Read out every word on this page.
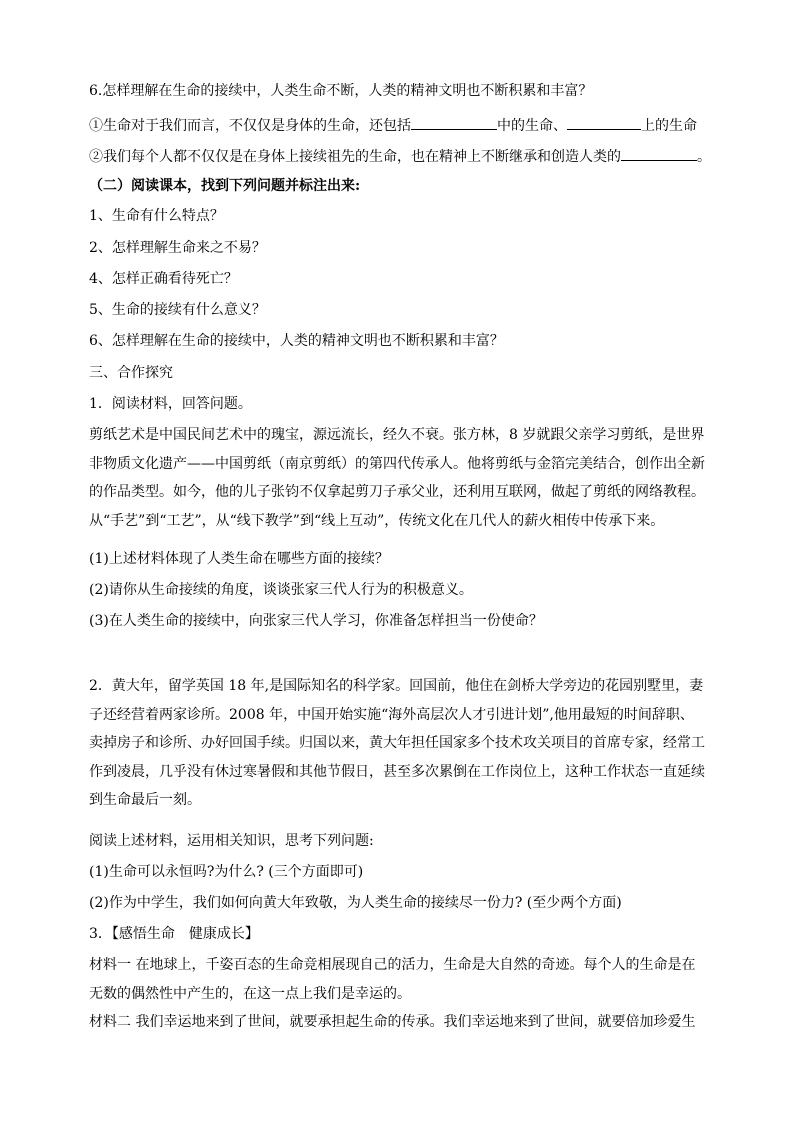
6.怎样理解在生命的接续中，人类生命不断，人类的精神文明也不断积累和丰富？
①生命对于我们而言，不仅仅是身体的生命，还包括	中的生命、	上的生命
②我们每个人都不仅仅是在身体上接续祖先的生命，也在精神上不断继承和创造人类的	。
（二）阅读课本，找到下列问题并标注出来:
1、生命有什么特点？
2、怎样理解生命来之不易？
4、怎样正确看待死亡？
5、生命的接续有什么意义？
6、怎样理解在生命的接续中，人类的精神文明也不断积累和丰富？
三、合作探究
1．阅读材料，回答问题。
剪纸艺术是中国民间艺术中的瑰宝，源远流长，经久不衰。张方林，8 岁就跟父亲学习剪纸，是世界
非物质文化遗产——中国剪纸（南京剪纸）的第四代传承人。他将剪纸与金箔完美结合，创作出全新
的作品类型。如今，他的儿子张钧不仅拿起剪刀子承父业，还利用互联网，做起了剪纸的网络教程。
从“手艺”到“工艺”，从“线下教学”到“线上互动”，传统文化在几代人的薪火相传中传承下来。
(1)上述材料体现了人类生命在哪些方面的接续？
(2)请你从生命接续的角度，谈谈张家三代人行为的积极意义。
(3)在人类生命的接续中，向张家三代人学习，你准备怎样担当一份使命？
2．黄大年，留学英国 18 年,是国际知名的科学家。回国前，他住在剑桥大学旁边的花园别墅里，妻
子还经营着两家诊所。2008 年，中国开始实施“海外高层次人才引进计划”,他用最短的时间辞职、
卖掉房子和诊所、办好回国手续。归国以来，黄大年担任国家多个技术攻关项目的首席专家，经常工
作到凌晨，几乎没有休过寒暑假和其他节假日，甚至多次累倒在工作岗位上，这种工作状态一直延续
到生命最后一刻。
阅读上述材料，运用相关知识，思考下列问题:
(1)生命可以永恒吗?为什么? (三个方面即可)
(2)作为中学生，我们如何向黄大年致敬，为人类生命的接续尽一份力? (至少两个方面)
3．【感悟生命　健康成长】
材料一 在地球上，千姿百态的生命竞相展现自己的活力，生命是大自然的奇迹。每个人的生命是在
无数的偶然性中产生的，在这一点上我们是幸运的。
材料二 我们幸运地来到了世间，就要承担起生命的传承。我们幸运地来到了世间，就要倍加珍爱生
